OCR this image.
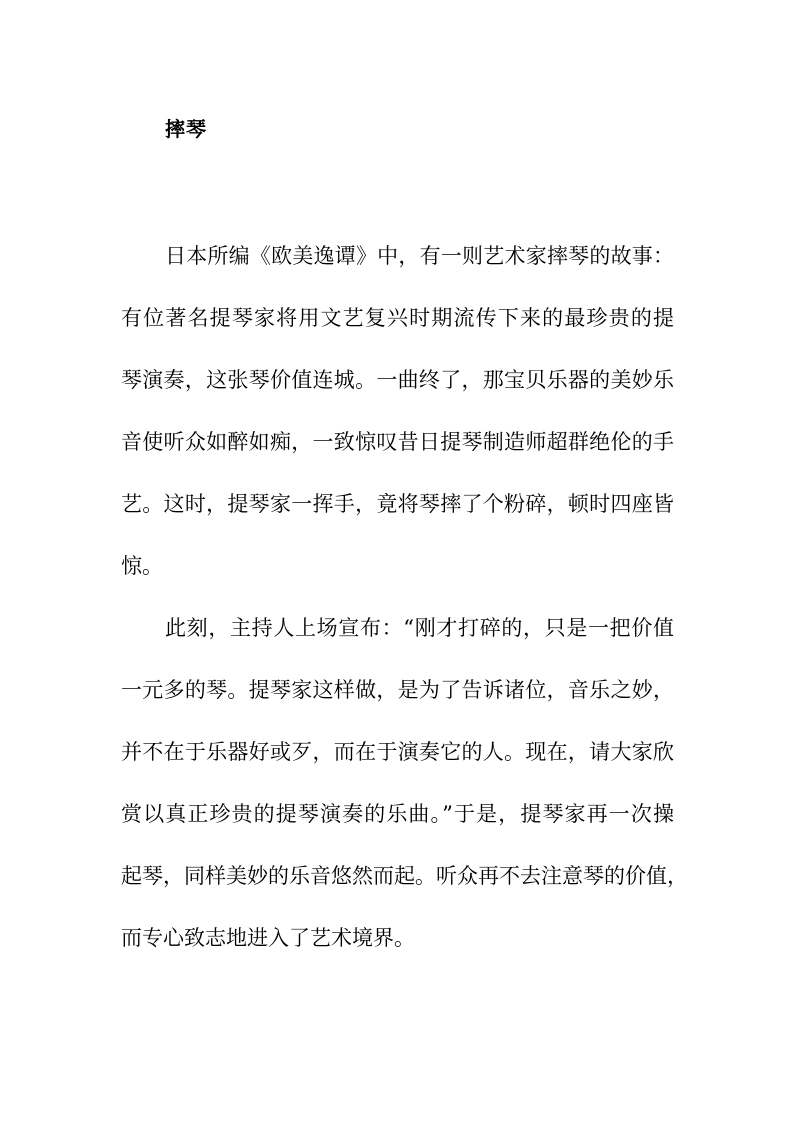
摔琴
日本所编《欧美逸谭》中，有一则艺术家摔琴的故事：
有位著名提琴家将用文艺复兴时期流传下来的最珍贵的提
琴演奏，这张琴价值连城。一曲终了，那宝贝乐器的美妙乐
音使听众如醉如痴，一致惊叹昔日提琴制造师超群绝伦的手
艺。这时，提琴家一挥手，竟将琴摔了个粉碎，顿时四座皆
惊。
此刻，主持人上场宣布：“刚才打碎的，只是一把价值
一元多的琴。提琴家这样做，是为了告诉诸位，音乐之妙，
并不在于乐器好或歹，而在于演奏它的人。现在，请大家欣
赏以真正珍贵的提琴演奏的乐曲。”于是，提琴家再一次操
起琴，同样美妙的乐音悠然而起。听众再不去注意琴的价值，
而专心致志地进入了艺术境界。
